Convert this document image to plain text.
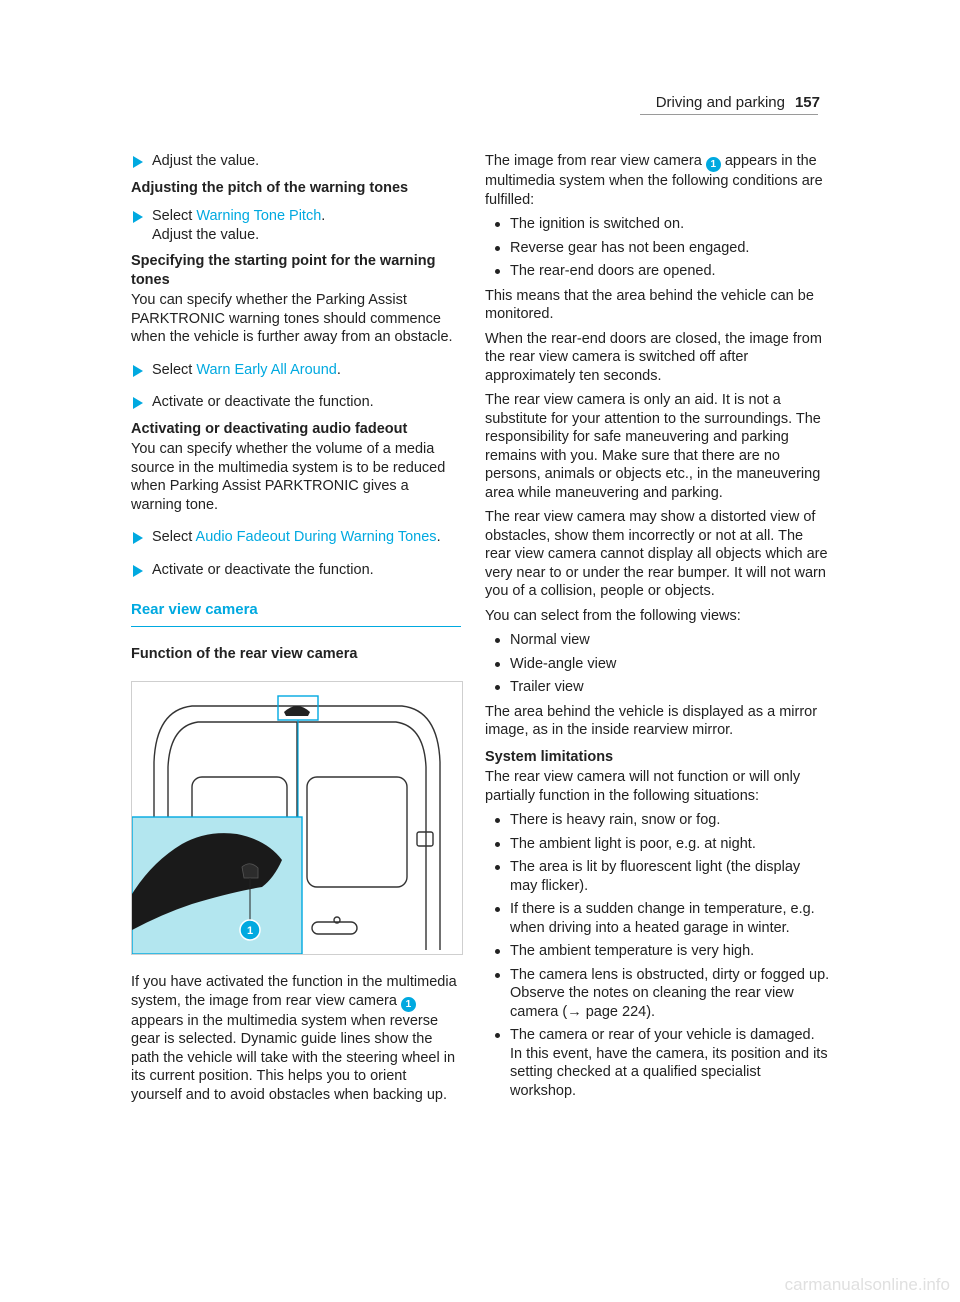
Driving and parking 157
Adjust the value.
Adjusting the pitch of the warning tones
Select Warning Tone Pitch.
Adjust the value.
Specifying the starting point for the warning tones

You can specify whether the Parking Assist PARKTRONIC warning tones should commence when the vehicle is further away from an obstacle.

Select Warn Early All Around.
Activate or deactivate the function.
Activating or deactivating audio fadeout

You can specify whether the volume of a media source in the multimedia system is to be reduced when Parking Assist PARKTRONIC gives a warning tone.

Select Audio Fadeout During Warning Tones.
Activate or deactivate the function.
Rear view camera
Function of the rear view camera
1

If you have activated the function in the multimedia system, the image from rear view camera 1 appears in the multimedia system when reverse gear is selected. Dynamic guide lines show the path the vehicle will take with the steering wheel in its current position. This helps you to orient yourself and to avoid obstacles when backing up.

The image from rear view camera 1 appears in the multimedia system when the following conditions are fulfilled:

The ignition is switched on.
Reverse gear has not been engaged.
The rear-end doors are opened.

This means that the area behind the vehicle can be monitored.

When the rear-end doors are closed, the image from the rear view camera is switched off after approximately ten seconds.

The rear view camera is only an aid. It is not a substitute for your attention to the surroundings. The responsibility for safe maneuvering and parking remains with you. Make sure that there are no persons, animals or objects etc., in the maneuvering area while maneuvering and parking.

The rear view camera may show a distorted view of obstacles, show them incorrectly or not at all. The rear view camera cannot display all objects which are very near to or under the rear bumper. It will not warn you of a collision, people or objects.

You can select from the following views:

Normal view
Wide-angle view
Trailer view

The area behind the vehicle is displayed as a mirror image, as in the inside rearview mirror.

System limitations

The rear view camera will not function or will only partially function in the following situations:

There is heavy rain, snow or fog.
The ambient light is poor, e.g. at night.
The area is lit by fluorescent light (the display may flicker).
If there is a sudden change in temperature, e.g. when driving into a heated garage in winter.
The ambient temperature is very high.
The camera lens is obstructed, dirty or fogged up. Observe the notes on cleaning the rear view camera (→ page 224).
The camera or rear of your vehicle is damaged. In this event, have the camera, its position and its setting checked at a qualified specialist workshop.
carmanualsonline.info
